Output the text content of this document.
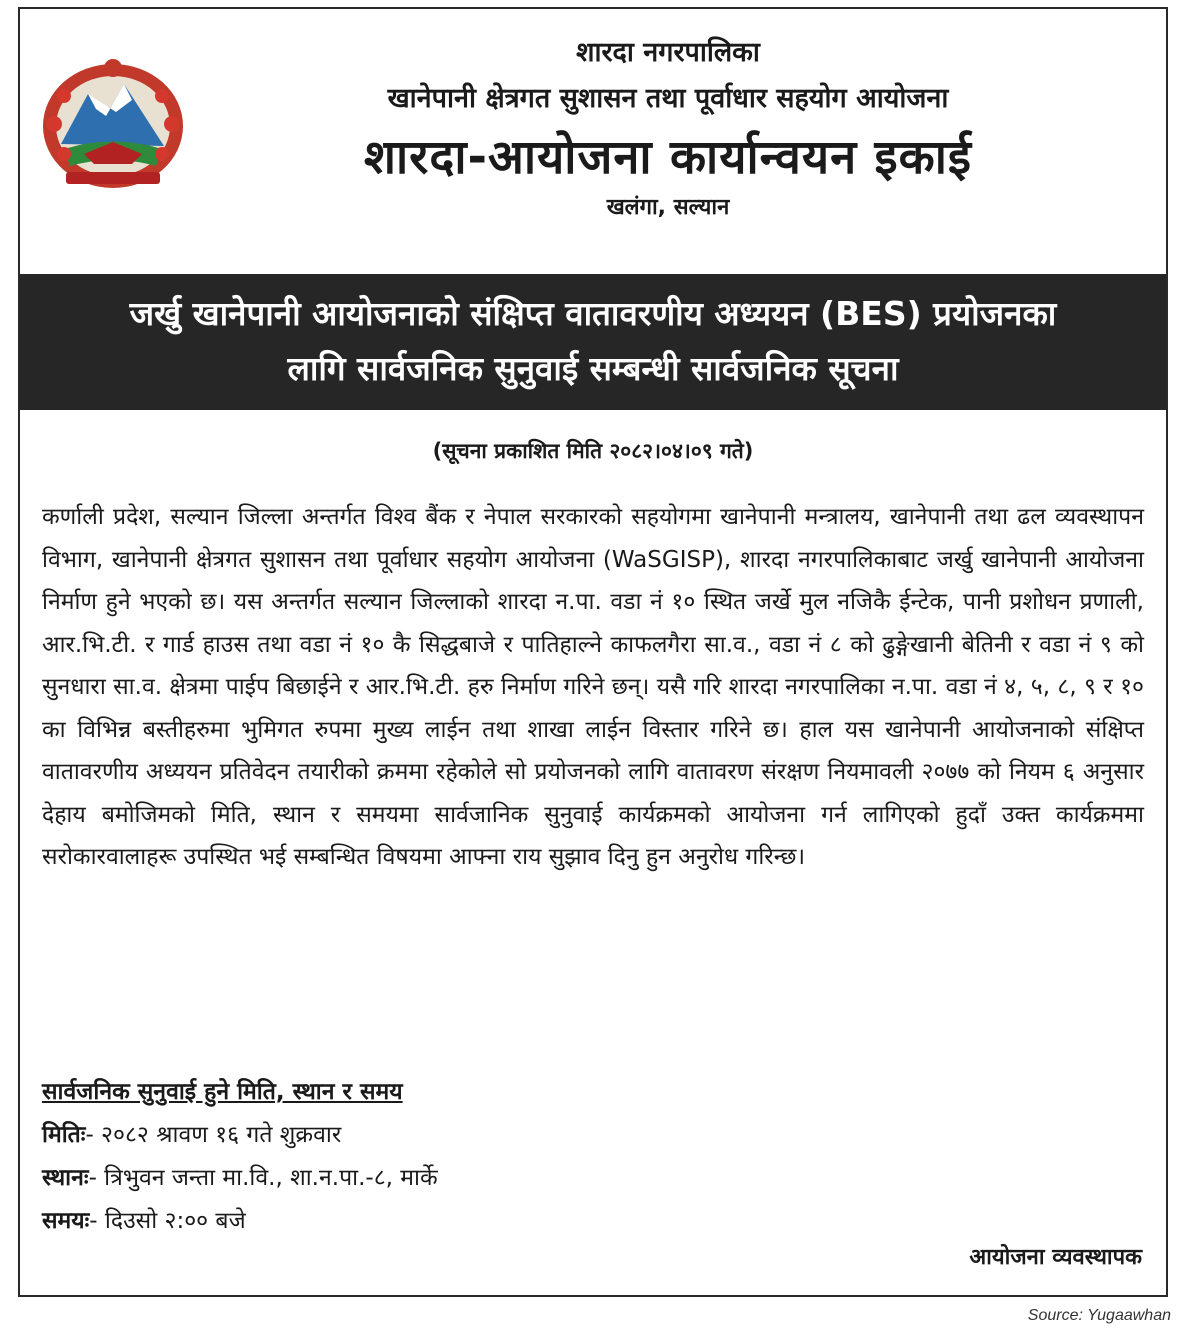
शारदा नगरपालिका
खानेपानी क्षेत्रगत सुशासन तथा पूर्वाधार सहयोग आयोजना
शारदा-आयोजना कार्यान्वयन इकाई
खलंगा, सल्यान
जर्खु खानेपानी आयोजनाको संक्षिप्त वातावरणीय अध्ययन (BES) प्रयोजनका
लागि सार्वजनिक सुनुवाई सम्बन्धी सार्वजनिक सूचना
(सूचना प्रकाशित मिति २०८२।०४।०९ गते)
कर्णाली प्रदेश, सल्यान जिल्ला अन्तर्गत विश्व बैंक र नेपाल सरकारको सहयोगमा खानेपानी मन्त्रालय, खानेपानी तथा ढल व्यवस्थापन विभाग, खानेपानी क्षेत्रगत सुशासन तथा पूर्वाधार सहयोग आयोजना (WaSGISP), शारदा नगरपालिकाबाट जर्खु खानेपानी आयोजना निर्माण हुने भएको छ। यस अन्तर्गत सल्यान जिल्लाको शारदा न.पा. वडा नं १० स्थित जर्खे मुल नजिकै ईन्टेक, पानी प्रशोधन प्रणाली, आर.भि.टी. र गार्ड हाउस तथा वडा नं १० कै सिद्धबाजे र पातिहाल्ने काफलगैरा सा.व., वडा नं ८ को ढुङ्गेखानी बेतिनी र वडा नं ९ को सुनधारा सा.व. क्षेत्रमा पाईप बिछाईने र आर.भि.टी. हरु निर्माण गरिने छन्। यसै गरि शारदा नगरपालिका न.पा. वडा नं ४, ५, ८, ९ र १० का विभिन्न बस्तीहरुमा भुमिगत रुपमा मुख्य लाईन तथा शाखा लाईन विस्तार गरिने छ। हाल यस खानेपानी आयोजनाको संक्षिप्त वातावरणीय अध्ययन प्रतिवेदन तयारीको क्रममा रहेकोले सो प्रयोजनको लागि वातावरण संरक्षण नियमावली २०७७ को नियम ६ अनुसार देहाय बमोजिमको मिति, स्थान र समयमा सार्वजानिक सुनुवाई कार्यक्रमको आयोजना गर्न लागिएको हुदाँ उक्त कार्यक्रममा सरोकारवालाहरू उपस्थित भई सम्बन्धित विषयमा आफ्ना राय सुझाव दिनु हुन अनुरोध गरिन्छ।
सार्वजनिक सुनुवाई हुने मिति, स्थान र समय
मितिः- २०८२ श्रावण १६ गते शुक्रवार
स्थानः- त्रिभुवन जन्ता मा.वि., शा.न.पा.-८, मार्के
समयः- दिउसो २:०० बजे
आयोजना व्यवस्थापक
Source: Yugaawhan
